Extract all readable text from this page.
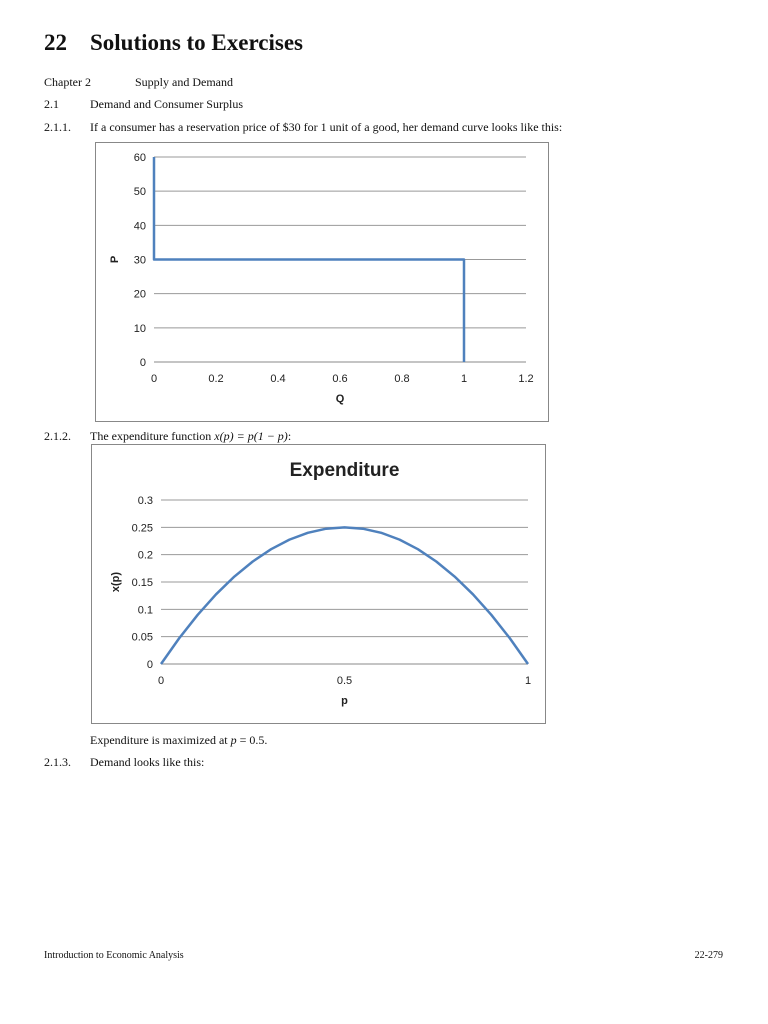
22 Solutions to Exercises
Chapter 2	Supply and Demand
2.1	Demand and Consumer Surplus
2.1.1. If a consumer has a reservation price of $30 for 1 unit of a good, her demand curve looks like this:
0
10
20
30
40
50
60
0	0.2	0.4	0.6	0.8	1	1.2
Q
P
2.1.2. The expenditure function x(p) = p(1 − p):
Expenditure
0
0.05
0.1
0.15
0.2
0.25
0.3
0	0.5	1
p
x(p)
Expenditure is maximized at p = 0.5.
2.1.3. Demand looks like this:
Introduction to Economic Analysis	22-279
